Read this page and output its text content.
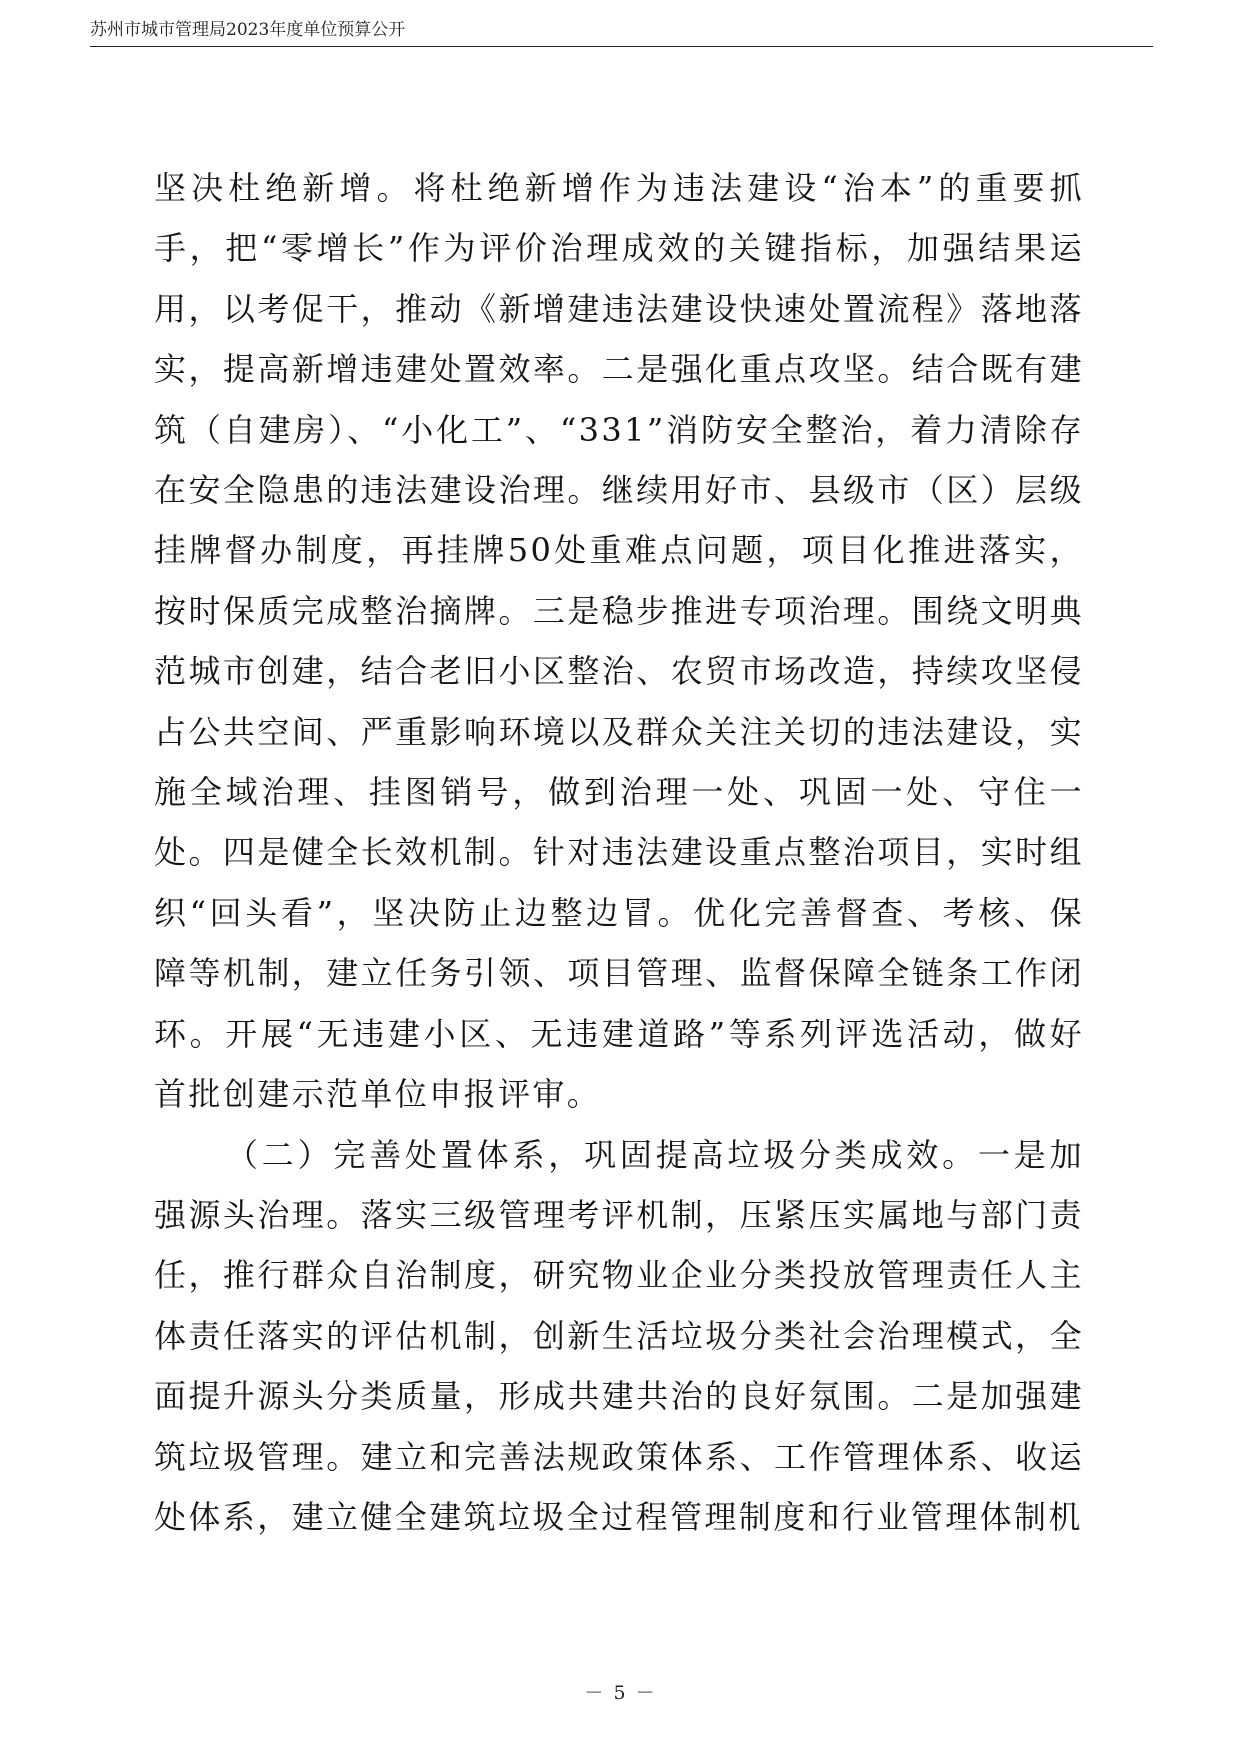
苏州市城市管理局2023年度单位预算公开

坚决杜绝新增。将杜绝新增作为违法建设“治本”的重要抓手，把“零增长”作为评价治理成效的关键指标，加强结果运用，以考促干，推动《新增建违法建设快速处置流程》落地落实，提高新增违建处置效率。二是强化重点攻坚。结合既有建筑（自建房）、“小化工”、“331”消防安全整治，着力清除存在安全隐患的违法建设治理。继续用好市、县级市（区）层级挂牌督办制度，再挂牌50处重难点问题，项目化推进落实，按时保质完成整治摘牌。三是稳步推进专项治理。围绕文明典范城市创建，结合老旧小区整治、农贸市场改造，持续攻坚侵占公共空间、严重影响环境以及群众关注关切的违法建设，实施全域治理、挂图销号，做到治理一处、巩固一处、守住一处。四是健全长效机制。针对违法建设重点整治项目，实时组织“回头看”，坚决防止边整边冒。优化完善督查、考核、保障等机制，建立任务引领、项目管理、监督保障全链条工作闭环。开展“无违建小区、无违建道路”等系列评选活动，做好首批创建示范单位申报评审。

（二）完善处置体系，巩固提高垃圾分类成效。一是加强源头治理。落实三级管理考评机制，压紧压实属地与部门责任，推行群众自治制度，研究物业企业分类投放管理责任人主体责任落实的评估机制，创新生活垃圾分类社会治理模式，全面提升源头分类质量，形成共建共治的良好氛围。二是加强建筑垃圾管理。建立和完善法规政策体系、工作管理体系、收运处体系，建立健全建筑垃圾全过程管理制度和行业管理体制机

－ 5 －
